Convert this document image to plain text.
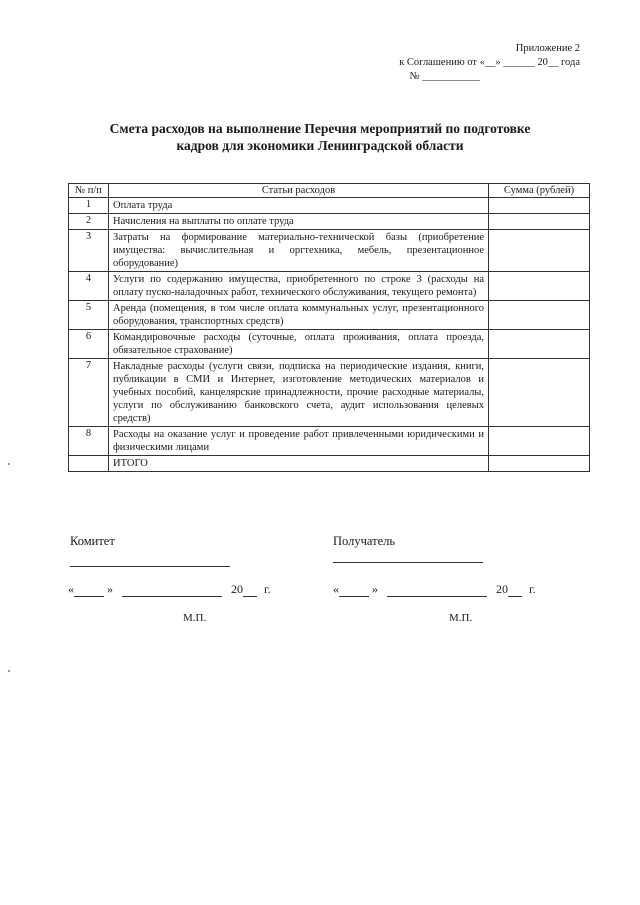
Приложение 2
к Соглашению от «__» ______ 20__ года
№ ___________
Смета расходов на выполнение Перечня мероприятий по подготовке
кадров для экономики Ленинградской области
№ п/п	Статьи расходов	Сумма (рублей)
1	Оплата труда	
2	Начисления на выплаты по оплате труда	
3	Затраты на формирование материально-технической базы (приобретение имущества: вычислительная и оргтехника, мебель, презентационное оборудование)	
4	Услуги по содержанию имущества, приобретенного по строке 3 (расходы на оплату пуско-наладочных работ, технического обслуживания, текущего ремонта)	
5	Аренда (помещения, в том числе оплата коммунальных услуг, презентационного оборудования, транспортных средств)	
6	Командировочные расходы (суточные, оплата проживания, оплата проезда, обязательное страхование)	
7	Накладные расходы (услуги связи, подписка на периодические издания, книги, публикации в СМИ и Интернет, изготовление методических материалов и учебных пособий, канцелярские принадлежности, прочие расходные материалы, услуги по обслуживанию банковского счета, аудит использования целевых средств)	
8	Расходы на оказание услуг и проведение работ привлеченными юридическими и физическими лицами	
	ИТОГО	
Комитет
«	»	20 г.
М.П.
Получатель
«	»	20 г.
М.П.
